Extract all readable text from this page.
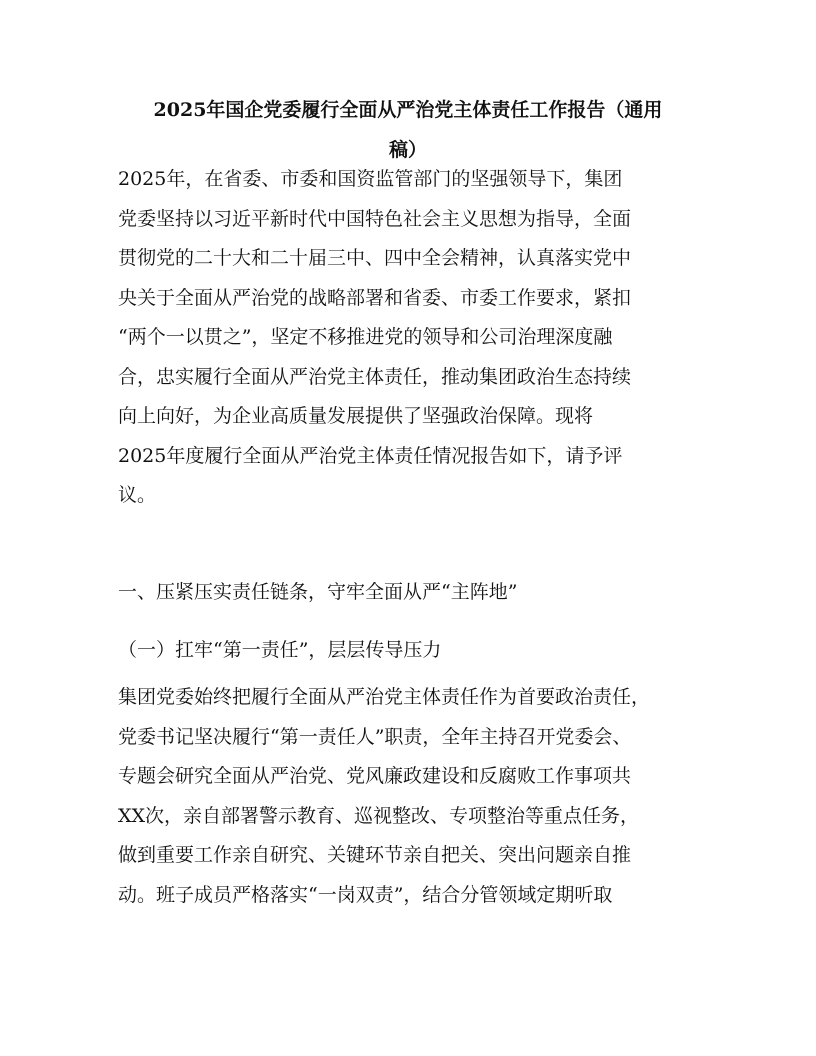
2025年国企党委履行全面从严治党主体责任工作报告（通用
稿）
2025年，在省委、市委和国资监管部门的坚强领导下，集团
党委坚持以习近平新时代中国特色社会主义思想为指导，全面
贯彻党的二十大和二十届三中、四中全会精神，认真落实党中
央关于全面从严治党的战略部署和省委、市委工作要求，紧扣
“两个一以贯之”，坚定不移推进党的领导和公司治理深度融
合，忠实履行全面从严治党主体责任，推动集团政治生态持续
向上向好，为企业高质量发展提供了坚强政治保障。现将
2025年度履行全面从严治党主体责任情况报告如下，请予评
议。
一、压紧压实责任链条，守牢全面从严“主阵地”
（一）扛牢“第一责任”，层层传导压力
集团党委始终把履行全面从严治党主体责任作为首要政治责任，
党委书记坚决履行“第一责任人”职责，全年主持召开党委会、
专题会研究全面从严治党、党风廉政建设和反腐败工作事项共
XX次，亲自部署警示教育、巡视整改、专项整治等重点任务，
做到重要工作亲自研究、关键环节亲自把关、突出问题亲自推
动。班子成员严格落实“一岗双责”，结合分管领域定期听取
